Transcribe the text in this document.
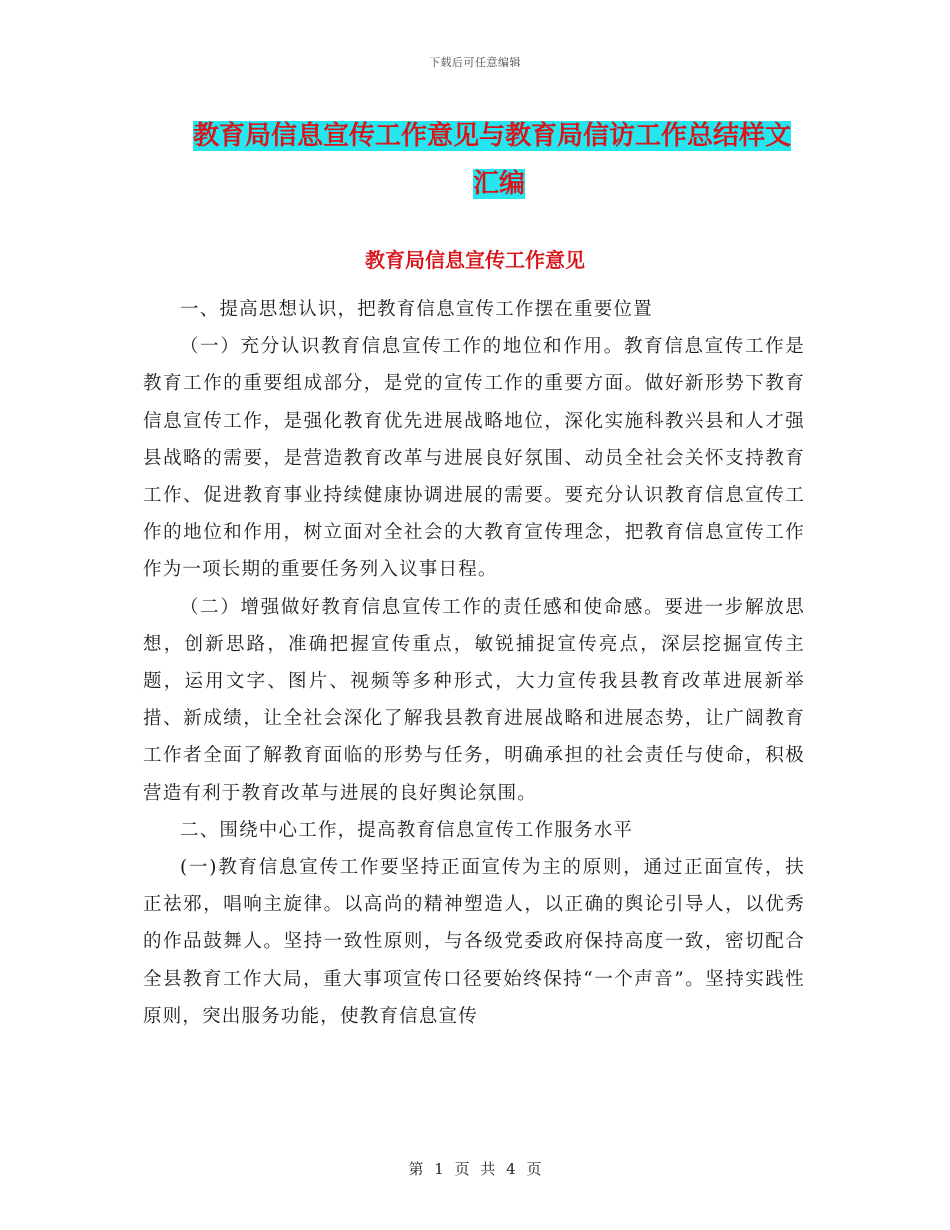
下载后可任意编辑
教育局信息宣传工作意见与教育局信访工作总结样文
汇编
教育局信息宣传工作意见

一、提高思想认识，把教育信息宣传工作摆在重要位置

（一）充分认识教育信息宣传工作的地位和作用。教育信息宣传工作是教育工作的重要组成部分，是党的宣传工作的重要方面。做好新形势下教育信息宣传工作，是强化教育优先进展战略地位，深化实施科教兴县和人才强县战略的需要，是营造教育改革与进展良好氛围、动员全社会关怀支持教育工作、促进教育事业持续健康协调进展的需要。要充分认识教育信息宣传工作的地位和作用，树立面对全社会的大教育宣传理念，把教育信息宣传工作作为一项长期的重要任务列入议事日程。

（二）增强做好教育信息宣传工作的责任感和使命感。要进一步解放思想，创新思路，准确把握宣传重点，敏锐捕捉宣传亮点，深层挖掘宣传主题，运用文字、图片、视频等多种形式，大力宣传我县教育改革进展新举措、新成绩，让全社会深化了解我县教育进展战略和进展态势，让广阔教育工作者全面了解教育面临的形势与任务，明确承担的社会责任与使命，积极营造有利于教育改革与进展的良好舆论氛围。

二、围绕中心工作，提高教育信息宣传工作服务水平

(一)教育信息宣传工作要坚持正面宣传为主的原则，通过正面宣传，扶正祛邪，唱响主旋律。以高尚的精神塑造人，以正确的舆论引导人，以优秀的作品鼓舞人。坚持一致性原则，与各级党委政府保持高度一致，密切配合全县教育工作大局，重大事项宣传口径要始终保持“一个声音”。坚持实践性原则，突出服务功能，使教育信息宣传

第 1 页 共 4 页
